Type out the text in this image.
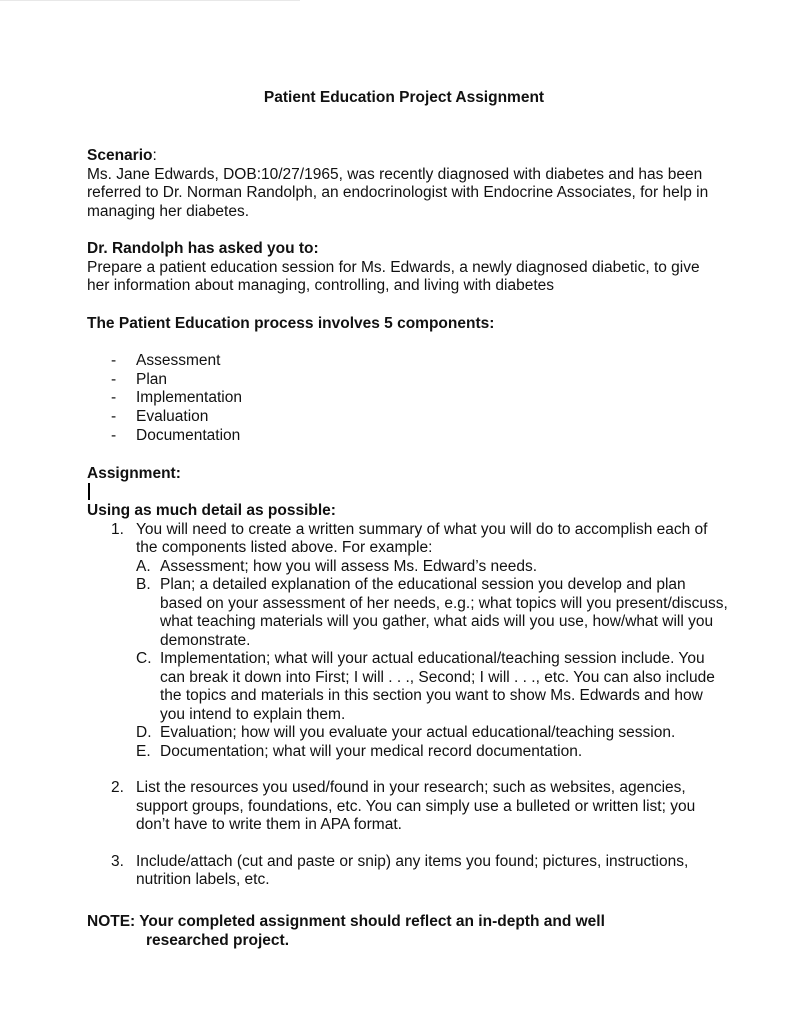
Patient Education Project Assignment
Scenario:

Ms. Jane Edwards, DOB:10/27/1965, was recently diagnosed with diabetes and has been referred to Dr. Norman Randolph, an endocrinologist with Endocrine Associates, for help in managing her diabetes.

Dr. Randolph has asked you to:

Prepare a patient education session for Ms. Edwards, a newly diagnosed diabetic, to give her information about managing, controlling, and living with diabetes

The Patient Education process involves 5 components:
- Assessment
- Plan
- Implementation
- Evaluation
- Documentation
Assignment:
Using as much detail as possible:
1. You will need to create a written summary of what you will do to accomplish each of the components listed above. For example:
A. Assessment; how you will assess Ms. Edward’s needs.
B. Plan; a detailed explanation of the educational session you develop and plan based on your assessment of her needs, e.g.; what topics will you present/discuss, what teaching materials will you gather, what aids will you use, how/what will you demonstrate.
C. Implementation; what will your actual educational/teaching session include. You can break it down into First; I will . . ., Second; I will . . ., etc. You can also include the topics and materials in this section you want to show Ms. Edwards and how you intend to explain them.
D. Evaluation; how will you evaluate your actual educational/teaching session.
E. Documentation; what will your medical record documentation.
2. List the resources you used/found in your research; such as websites, agencies, support groups, foundations, etc. You can simply use a bulleted or written list; you don’t have to write them in APA format.
3. Include/attach (cut and paste or snip) any items you found; pictures, instructions, nutrition labels, etc.
NOTE: Your completed assignment should reflect an in-depth and well
researched project.
